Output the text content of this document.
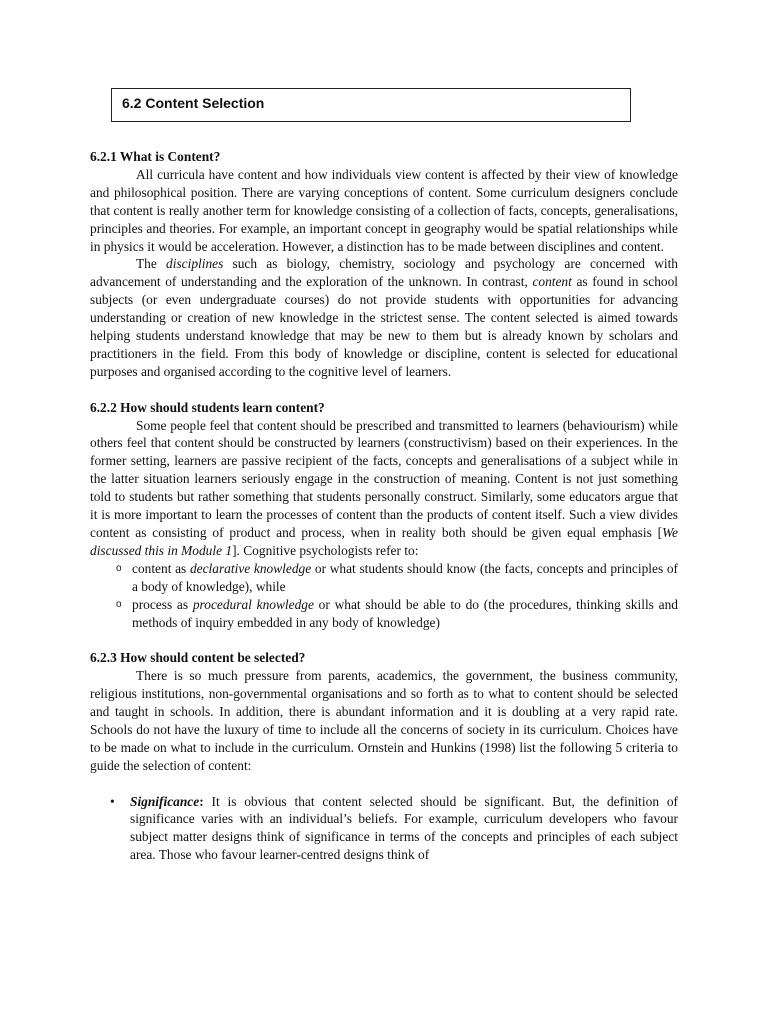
6.2 Content Selection

6.2.1 What is Content?

All curricula have content and how individuals view content is affected by their view of knowledge and philosophical position. There are varying conceptions of content. Some curriculum designers conclude that content is really another term for knowledge consisting of a collection of facts, concepts, generalisations, principles and theories. For example, an important concept in geography would be spatial relationships while in physics it would be acceleration. However, a distinction has to be made between disciplines and content.

The disciplines such as biology, chemistry, sociology and psychology are concerned with advancement of understanding and the exploration of the unknown. In contrast, content as found in school subjects (or even undergraduate courses) do not provide students with opportunities for advancing understanding or creation of new knowledge in the strictest sense. The content selected is aimed towards helping students understand knowledge that may be new to them but is already known by scholars and practitioners in the field. From this body of knowledge or discipline, content is selected for educational purposes and organised according to the cognitive level of learners.

6.2.2 How should students learn content?

Some people feel that content should be prescribed and transmitted to learners (behaviourism) while others feel that content should be constructed by learners (constructivism) based on their experiences. In the former setting, learners are passive recipient of the facts, concepts and generalisations of a subject while in the latter situation learners seriously engage in the construction of meaning. Content is not just something told to students but rather something that students personally construct. Similarly, some educators argue that it is more important to learn the processes of content than the products of content itself. Such a view divides content as consisting of product and process, when in reality both should be given equal emphasis [We discussed this in Module 1]. Cognitive psychologists refer to:

o content as declarative knowledge or what students should know (the facts, concepts and principles of a body of knowledge), while
o process as procedural knowledge or what should be able to do (the procedures, thinking skills and methods of inquiry embedded in any body of knowledge)

6.2.3 How should content be selected?

There is so much pressure from parents, academics, the government, the business community, religious institutions, non-governmental organisations and so forth as to what to content should be selected and taught in schools. In addition, there is abundant information and it is doubling at a very rapid rate. Schools do not have the luxury of time to include all the concerns of society in its curriculum. Choices have to be made on what to include in the curriculum. Ornstein and Hunkins (1998) list the following 5 criteria to guide the selection of content:

• Significance: It is obvious that content selected should be significant. But, the definition of significance varies with an individual’s beliefs. For example, curriculum developers who favour subject matter designs think of significance in terms of the concepts and principles of each subject area. Those who favour learner-centred designs think of
